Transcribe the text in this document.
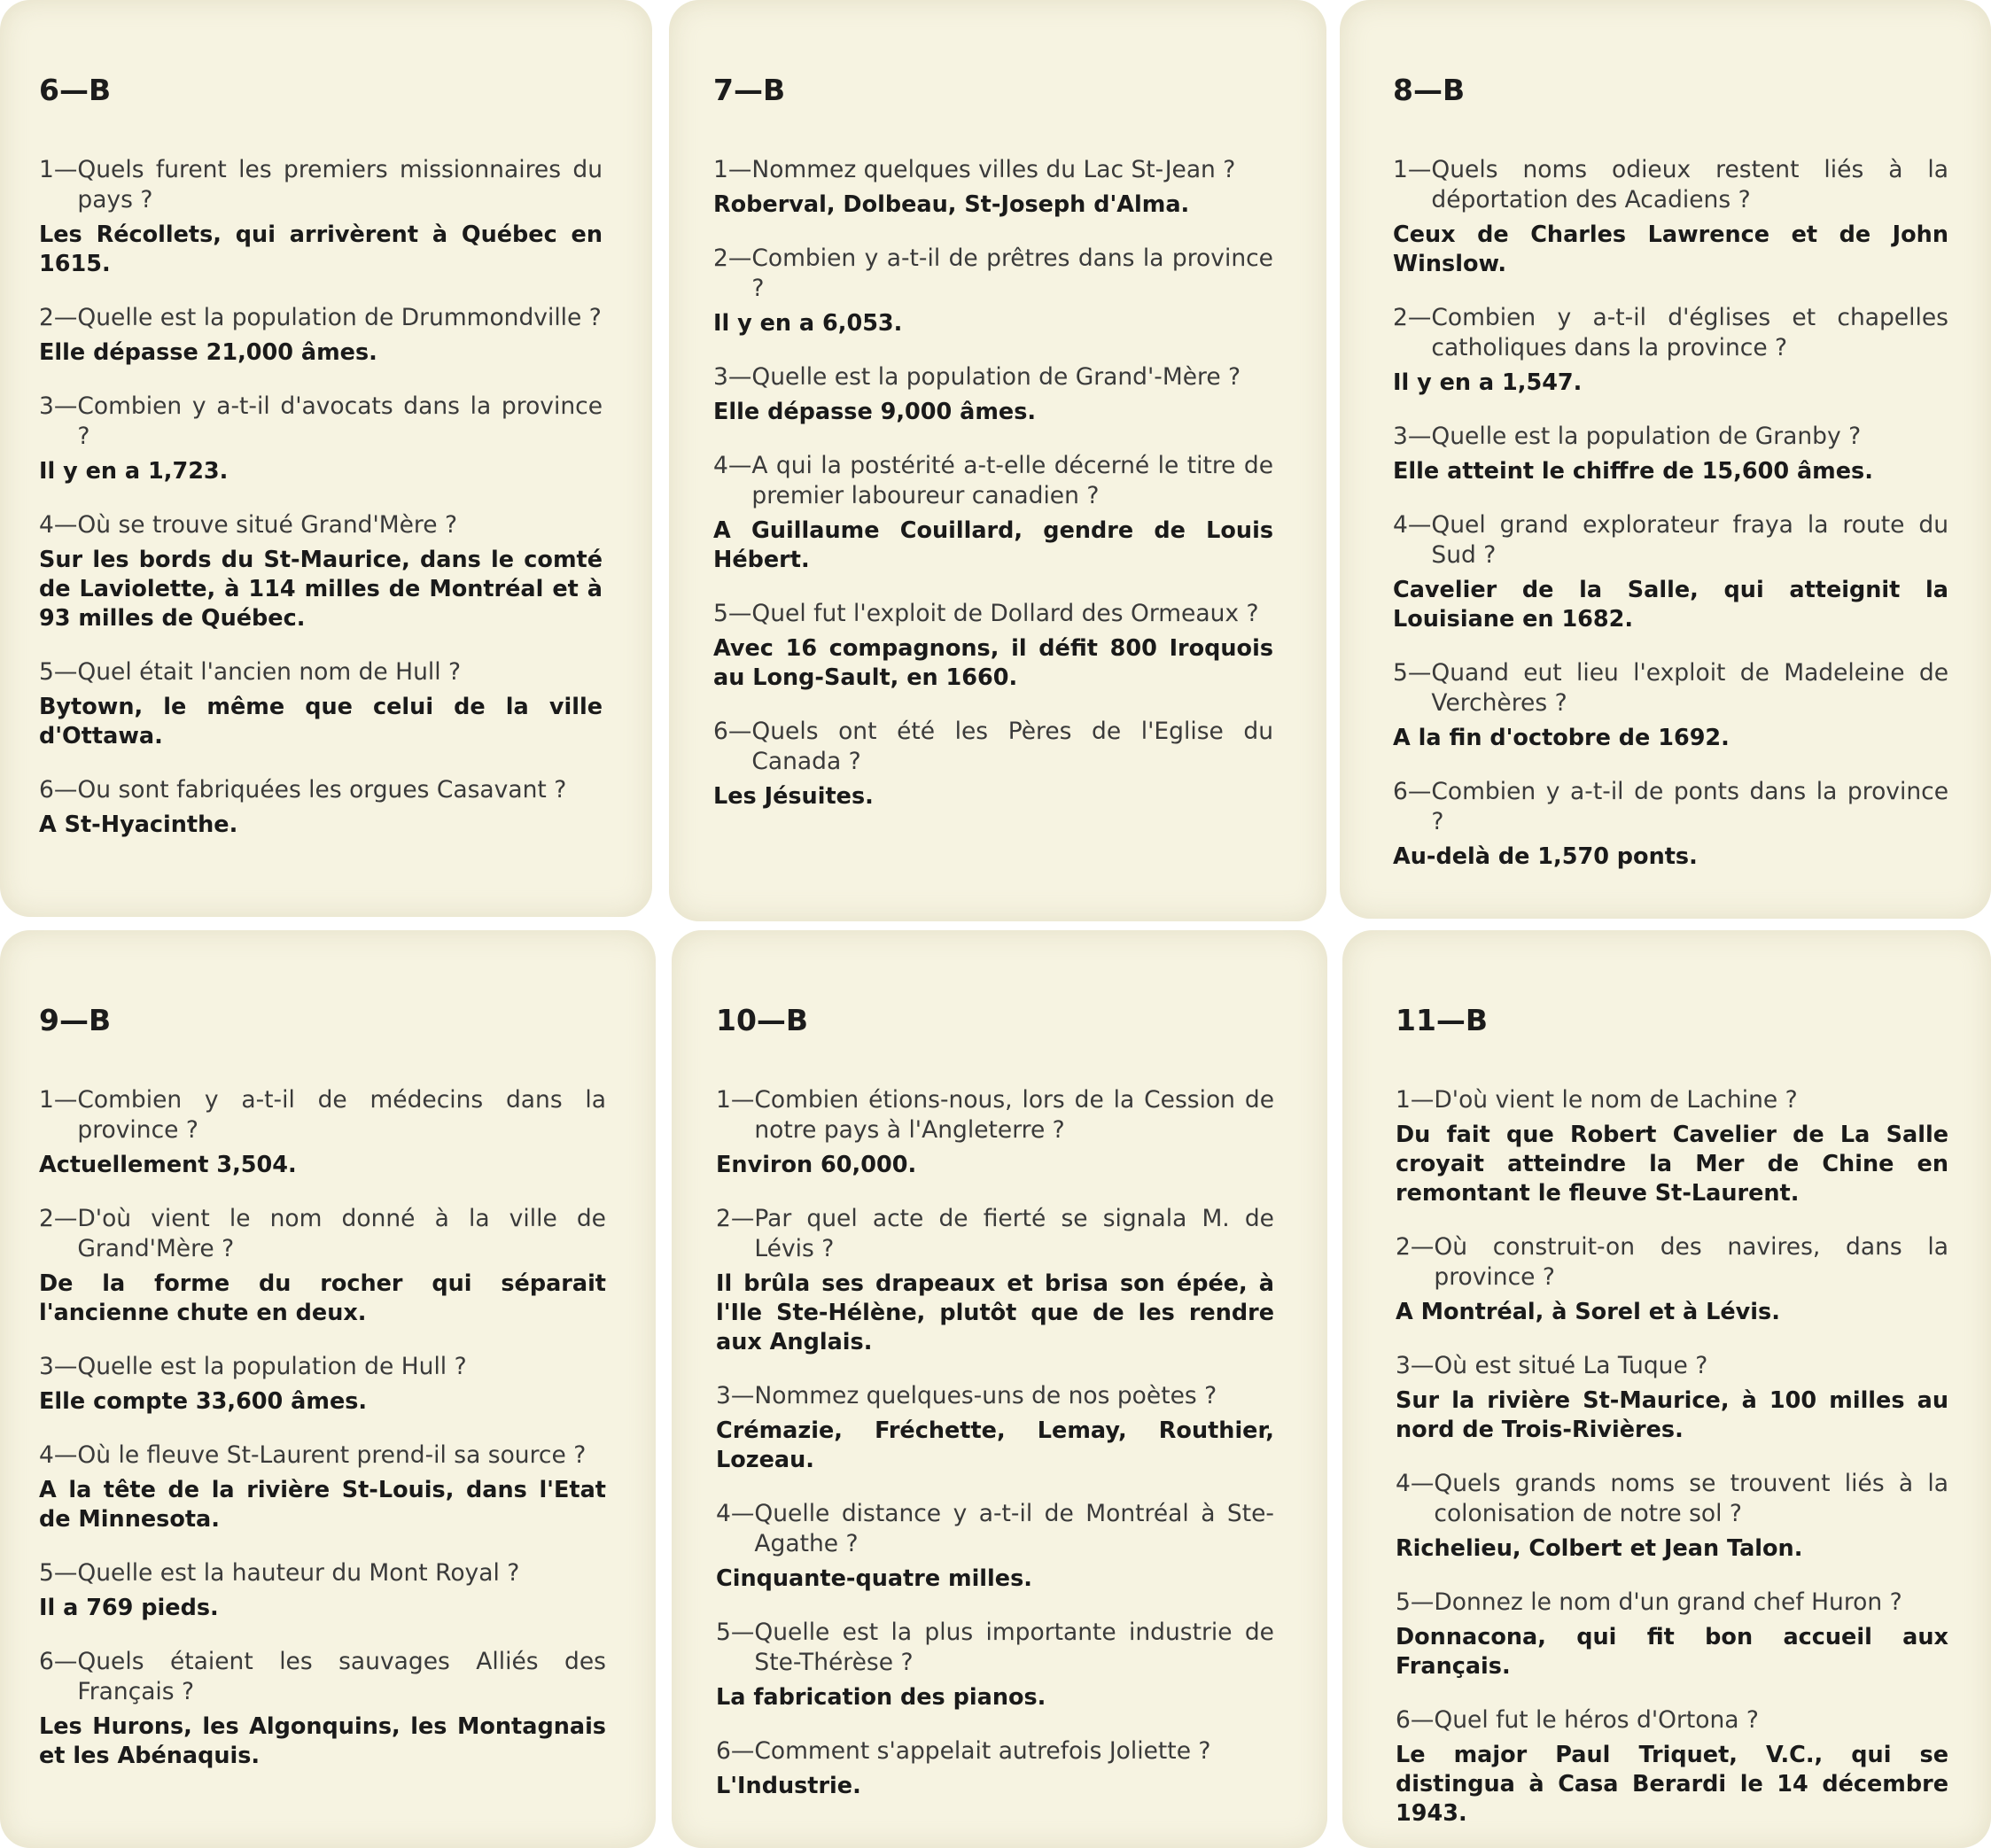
6—B
1— Quels furent les premiers missionnaires du pays ?
Les Récollets, qui arrivèrent à Québec en 1615.
2— Quelle est la population de Drummondville ?
Elle dépasse 21,000 âmes.
3— Combien y a-t-il d'avocats dans la province ?
Il y en a 1,723.
4— Où se trouve situé Grand'Mère ?
Sur les bords du St-Maurice, dans le comté de Laviolette, à 114 milles de Montréal et à 93 milles de Québec.
5— Quel était l'ancien nom de Hull ?
Bytown, le même que celui de la ville d'Ottawa.
6— Ou sont fabriquées les orgues Casavant ?
A St-Hyacinthe.
7—B
1— Nommez quelques villes du Lac St-Jean ?
Roberval, Dolbeau, St-Joseph d'Alma.
2— Combien y a-t-il de prêtres dans la province ?
Il y en a 6,053.
3— Quelle est la population de Grand'-Mère ?
Elle dépasse 9,000 âmes.
4— A qui la postérité a-t-elle décerné le titre de premier laboureur canadien ?
A Guillaume Couillard, gendre de Louis Hébert.
5— Quel fut l'exploit de Dollard des Ormeaux ?
Avec 16 compagnons, il défit 800 Iroquois au Long-Sault, en 1660.
6— Quels ont été les Pères de l'Eglise du Canada ?
Les Jésuites.
8—B
1— Quels noms odieux restent liés à la déportation des Acadiens ?
Ceux de Charles Lawrence et de John Winslow.
2— Combien y a-t-il d'églises et chapelles catholiques dans la province ?
Il y en a 1,547.
3— Quelle est la population de Granby ?
Elle atteint le chiffre de 15,600 âmes.
4— Quel grand explorateur fraya la route du Sud ?
Cavelier de la Salle, qui atteignit la Louisiane en 1682.
5— Quand eut lieu l'exploit de Madeleine de Verchères ?
A la fin d'octobre de 1692.
6— Combien y a-t-il de ponts dans la province ?
Au-delà de 1,570 ponts.
9—B
1— Combien y a-t-il de médecins dans la province ?
Actuellement 3,504.
2— D'où vient le nom donné à la ville de Grand'Mère ?
De la forme du rocher qui séparait l'ancienne chute en deux.
3— Quelle est la population de Hull ?
Elle compte 33,600 âmes.
4— Où le fleuve St-Laurent prend-il sa source ?
A la tête de la rivière St-Louis, dans l'Etat de Minnesota.
5— Quelle est la hauteur du Mont Royal ?
Il a 769 pieds.
6— Quels étaient les sauvages Alliés des Français ?
Les Hurons, les Algonquins, les Montagnais et les Abénaquis.
10—B
1— Combien étions-nous, lors de la Cession de notre pays à l'Angleterre ?
Environ 60,000.
2— Par quel acte de fierté se signala M. de Lévis ?
Il brûla ses drapeaux et brisa son épée, à l'Ile Ste-Hélène, plutôt que de les rendre aux Anglais.
3— Nommez quelques-uns de nos poètes ?
Crémazie, Fréchette, Lemay, Routhier, Lozeau.
4— Quelle distance y a-t-il de Montréal à Ste-Agathe ?
Cinquante-quatre milles.
5— Quelle est la plus importante industrie de Ste-Thérèse ?
La fabrication des pianos.
6— Comment s'appelait autrefois Joliette ?
L'Industrie.
11—B
1— D'où vient le nom de Lachine ?
Du fait que Robert Cavelier de La Salle croyait atteindre la Mer de Chine en remontant le fleuve St-Laurent.
2— Où construit-on des navires, dans la province ?
A Montréal, à Sorel et à Lévis.
3— Où est situé La Tuque ?
Sur la rivière St-Maurice, à 100 milles au nord de Trois-Rivières.
4— Quels grands noms se trouvent liés à la colonisation de notre sol ?
Richelieu, Colbert et Jean Talon.
5— Donnez le nom d'un grand chef Huron ?
Donnacona, qui fit bon accueil aux Français.
6— Quel fut le héros d'Ortona ?
Le major Paul Triquet, V.C., qui se distingua à Casa Berardi le 14 décembre 1943.
